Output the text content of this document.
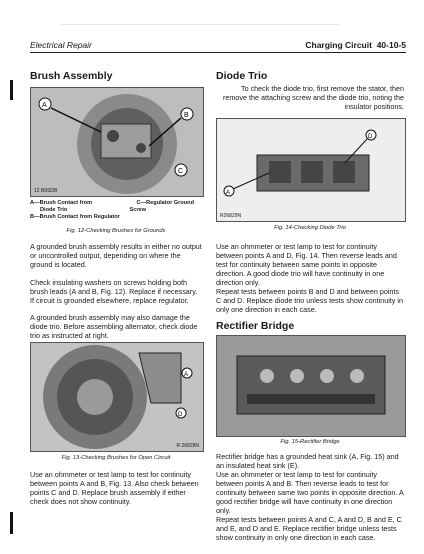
Electrical Repair	Charging Circuit 40-10-5
Brush Assembly
A
B
C
12 B9SDB
A—Brush Contact from	C—Regulator Ground
Diode Trio	Screw
B—Brush Contact from Regulator
Fig. 12-Checking Brushes for Grounds
A grounded brush assembly results in either no output or uncontrolled output, depending on where the ground is located.
Check insulating washers on screws holding both brush leads (A and B, Fig. 12). Replace if necessary. If circuit is grounded elsewhere, replace regulator.
A grounded brush assembly may also damage the diode trio. Before assembling alternator, check diode trio as instructed at right.
A
D
R 26828N
Fig. 13-Checking Brushes for Open Circuit
Use an ohmmeter or test lamp to test for continuity between points A and B, Fig. 13. Also check between points C and D. Replace brush assembly if either check does not show continuity.
Diode Trio
To check the diode trio, first remove the stator, then remove the attaching screw and the diode trio, noting the insulator positions.
A
D
R26829N
Fig. 14-Checking Diode Trio
Use an ohmmeter or test lamp to test for continuity between points A and D, Fig. 14. Then reverse leads and test for continuity between same points in opposite direction. A good diode trio will have continuity in one direction only.
Repeat tests between points B and D and between points C and D. Replace diode trio unless tests show continuity in only one direction in each case.
Rectifier Bridge
Fig. 15-Rectifier Bridge
Rectifier bridge has a grounded heat sink (A, Fig. 15) and an insulated heat sink (E).
Use an ohmmeter or test lamp to test for continuity between points A and B. Then reverse leads to test for continuity between same two points in opposite direction. A good rectifier bridge will have continuity in one direction only.
Repeat tests between points A and C, A and D, B and E, C and E, and D and E. Replace rectifier bridge unless tests show continuity in only one direction in each case.
